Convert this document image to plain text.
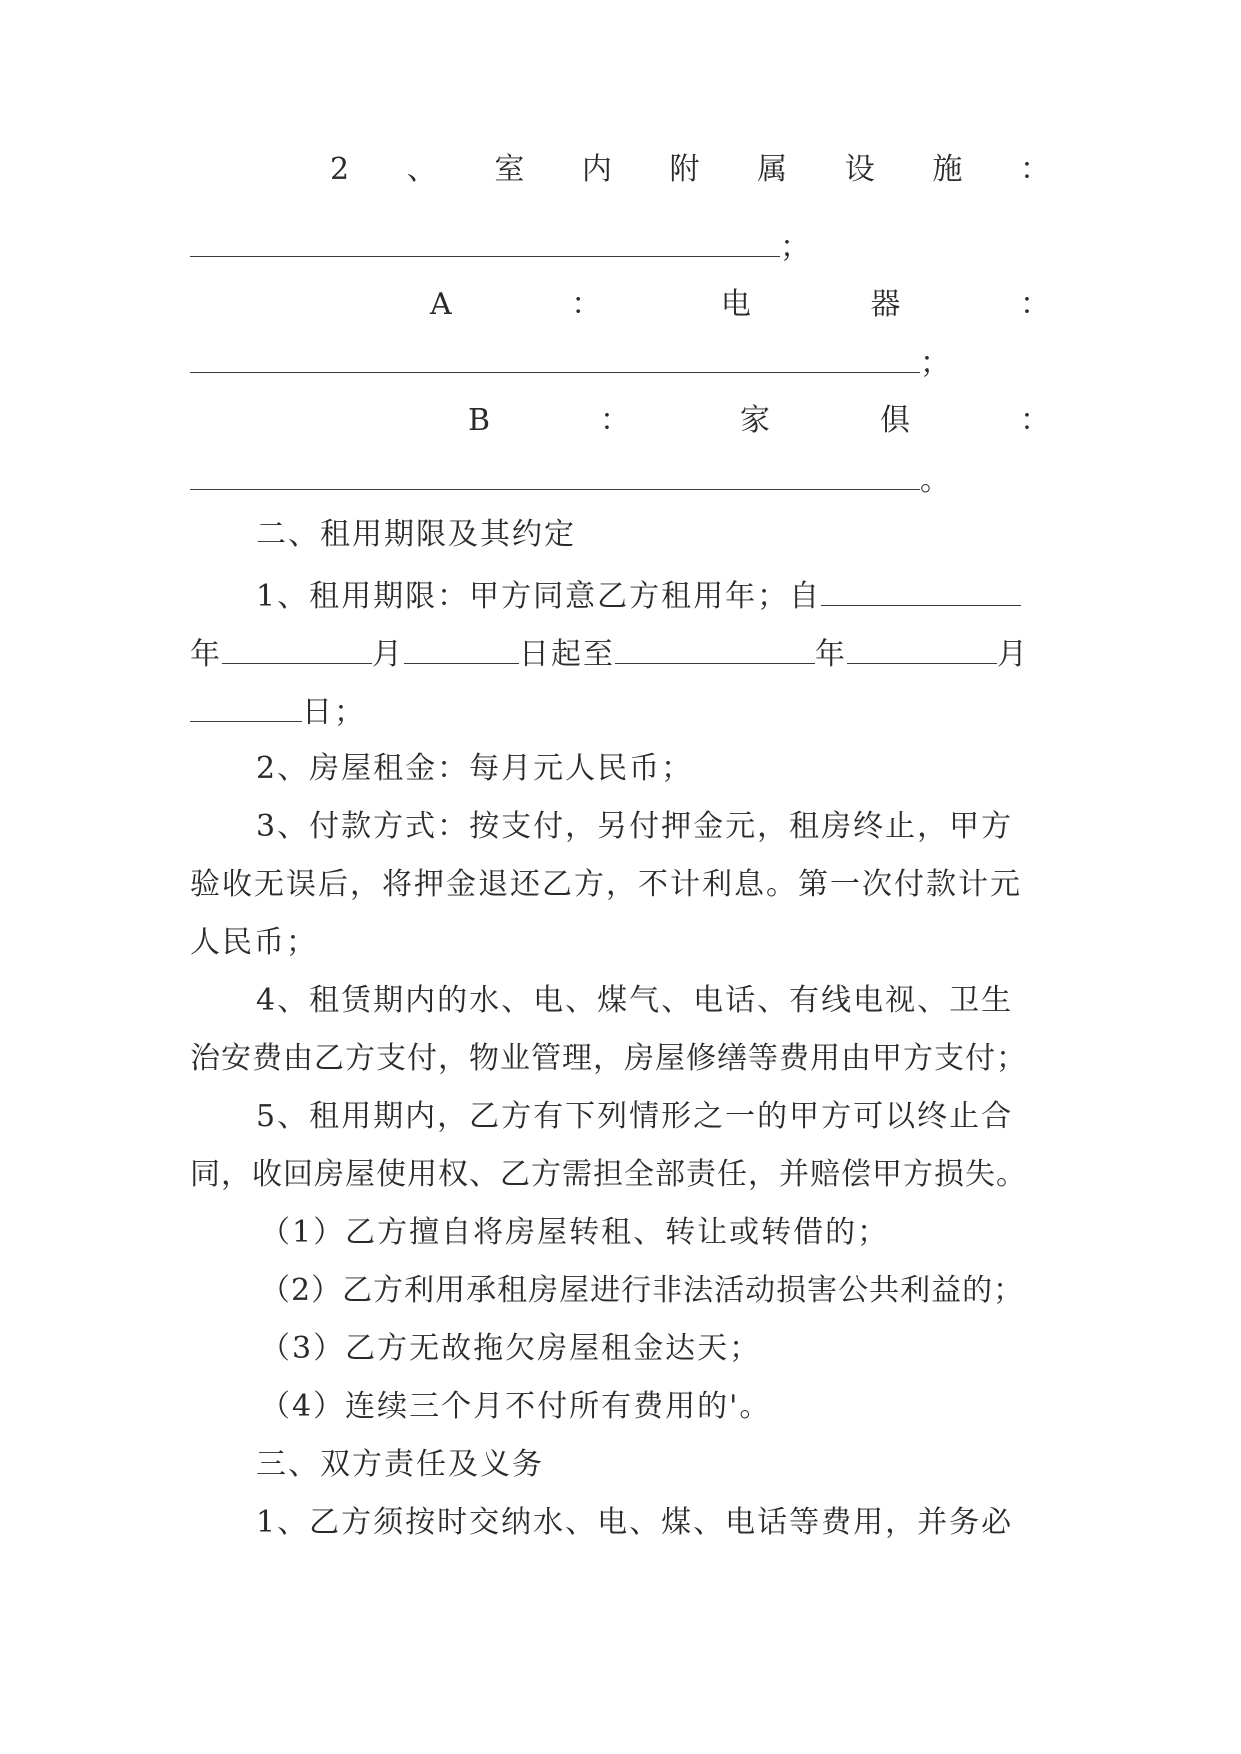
2 、 室 内 附 属 设 施 ：
；
A	：	电	器	：
；
B	：	家	俱	：
。
二、租用期限及其约定
1、租用期限：甲方同意乙方租用年；自
年	月	日起至	年	月
日；
2、房屋租金：每月元人民币；
3、付款方式：按支付，另付押金元，租房终止，甲方
验收无误后，将押金退还乙方，不计利息。第一次付款计元
人民币；
4、租赁期内的水、电、煤气、电话、有线电视、卫生
治安费由乙方支付，物业管理，房屋修缮等费用由甲方支付；
5、租用期内，乙方有下列情形之一的甲方可以终止合
同，收回房屋使用权、乙方需担全部责任，并赔偿甲方损失。
（1）乙方擅自将房屋转租、转让或转借的；
（2）乙方利用承租房屋进行非法活动损害公共利益的；
（3）乙方无故拖欠房屋租金达天；
（4）连续三个月不付所有费用的'。
三、双方责任及义务
1、乙方须按时交纳水、电、煤、电话等费用，并务必
